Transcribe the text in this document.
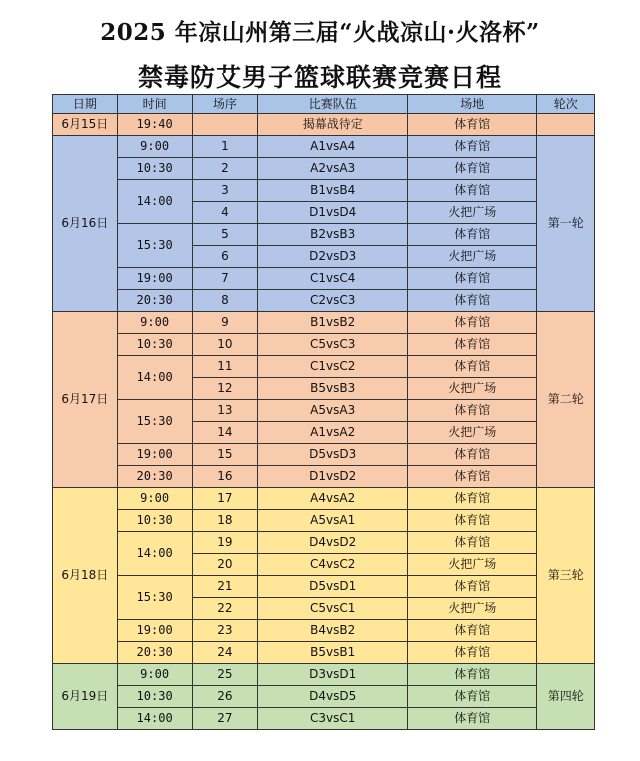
2025 年凉山州第三届“火战凉山·火洛杯”
禁毒防艾男子篮球联赛竞赛日程
日期	时间	场序	比赛队伍	场地	轮次
6月15日	19:40		揭幕战待定	体育馆	
6月16日	9:00	1	A1vsA4	体育馆	第一轮
	10:30	2	A2vsA3	体育馆	
	14:00	3	B1vsB4	体育馆	
		4	D1vsD4	火把广场	
	15:30	5	B2vsB3	体育馆	
		6	D2vsD3	火把广场	
	19:00	7	C1vsC4	体育馆	
	20:30	8	C2vsC3	体育馆	
6月17日	9:00	9	B1vsB2	体育馆	第二轮
	10:30	10	C5vsC3	体育馆	
	14:00	11	C1vsC2	体育馆	
		12	B5vsB3	火把广场	
	15:30	13	A5vsA3	体育馆	
		14	A1vsA2	火把广场	
	19:00	15	D5vsD3	体育馆	
	20:30	16	D1vsD2	体育馆	
6月18日	9:00	17	A4vsA2	体育馆	第三轮
	10:30	18	A5vsA1	体育馆	
	14:00	19	D4vsD2	体育馆	
		20	C4vsC2	火把广场	
	15:30	21	D5vsD1	体育馆	
		22	C5vsC1	火把广场	
	19:00	23	B4vsB2	体育馆	
	20:30	24	B5vsB1	体育馆	
6月19日	9:00	25	D3vsD1	体育馆	第四轮
	10:30	26	D4vsD5	体育馆	
	14:00	27	C3vsC1	体育馆	
